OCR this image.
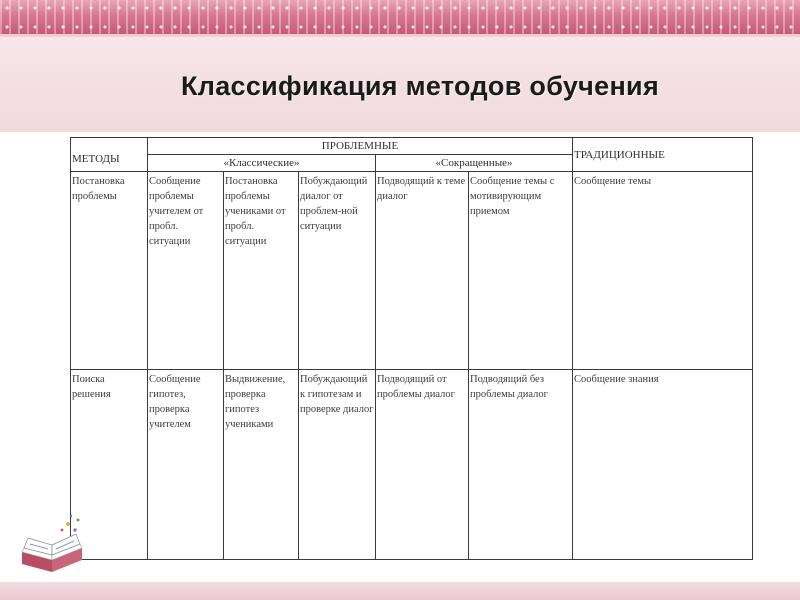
Классификация методов обучения
МЕТОДЫ	ПРОБЛЕМНЫЕ					ТРАДИЦИОННЫЕ
	«Классические»			«Сокращенные»		
Постановка проблемы	Сообщение проблемы учителем от пробл. ситуации	Постановка проблемы учениками от пробл. ситуации	Побуждающий диалог от проблем-ной ситуации	Подводящий к теме диалог	Сообщение темы с мотивирующим приемом	Сообщение темы
Поиска решения	Сообщение гипотез, проверка учителем	Выдвижение, проверка гипотез учениками	Побуждающий к гипотезам и проверке диалог	Подводящий от проблемы диалог	Подводящий без проблемы диалог	Сообщение знания
